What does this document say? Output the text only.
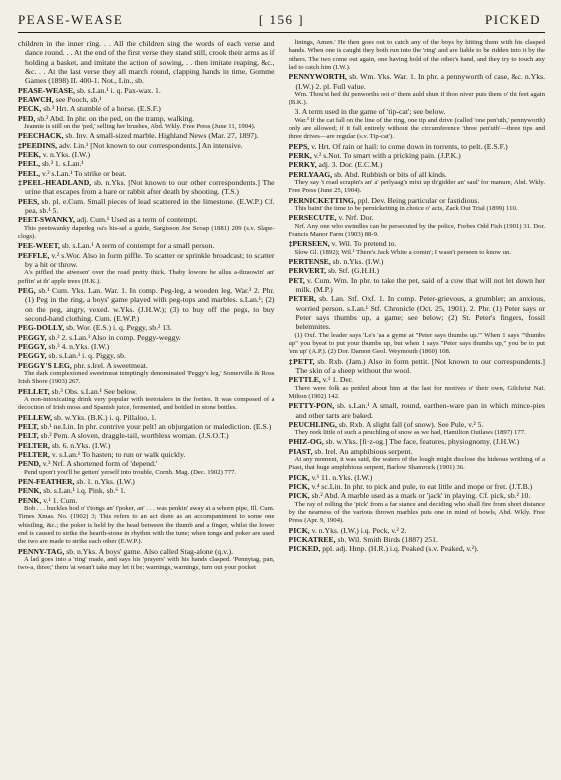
PEASE-WEASE	[ 156 ]	PICKED

children in the inner ring. . . All the children sing the words of each verse and dance round. . . At the end of the first verse they stand still, crook their arms as if holding a basket, and imitate the action of sowing, . . then imitate reaping, &c., &c. . . At the last verse they all march round, clapping hands in time, Gomme Games (1898) II. 400-1. Not., Lin., sb.

PEASE-WEASE, sb. s.Lan.¹ i. q. Pax-wax. 1.

PEAWCH, see Pooch, sb.¹

PECK, sb.³ Hrt. A stumble of a horse. (E.S.F.)

PED, sb.² Abd. In phr. on the ped, on the tramp, walking.

Jeannie is still on the 'ped,' selling her brushes, Abd. Wkly. Free Press (June 11, 1904).

PEECHACK, sb. Inv. A small-sized marble. Highland News (Mar. 27, 1897).

‡PEEDINS, adv. Lin.¹ [Not known to our correspondents.] An intensive.

PEEK, v. n.Yks. (I.W.)

PEEL, sb.³ 1. s.Lan.¹

PEEL, v.² s.Lan.¹ To strike or beat.

‡PEEL-HEADLAND, sb. n.Yks. [Not known to our other correspondents.] The urine that escapes from a hare or rabbit after death by shooting. (T.S.)

PEES, sb. pl. e.Cum. Small pieces of lead scattered in the limestone. (E.W.P.) Cf. pea, sb.¹ 5.

PEET-SWANKY, adj. Cum.¹ Used as a term of contempt.

This peetswanky dapedeg oa's his-sel a guide, Sargisson Joe Scoap (1881) 209 (s.v. Slape-clogs).

PEE-WEET, sb. s.Lan.¹ A term of contempt for a small person.

PEFFLE, v.² s.Wor. Also in form piffle. To scatter or sprinkle broadcast; to scatter by a hit or throw.

A's piffled the atwesen' over the road pretty thick. Thaby lowore be allus a-thraowin' an' peffin' at th' apple trees (H.K.).

PEG, sb.¹ Cum. Yks. Lan. War. 1. In comp. Peg-leg, a wooden leg. War.³ 2. Phr. (1) Peg in the ring, a boys' game played with peg-tops and marbles. s.Lan.¹; (2) on the peg, angry, vexed. w.Yks. (J.H.W.); (3) to buy off the pegs, to buy second-hand clothing. Cum. (E.W.P.)

PEG-DOLLY, sb. Wor. (E.S.) i. q. Peggy, sb.² 13.

PEGGY, sb.² 2. s.Lan.¹ Also in comp. Peggy-weggy.

PEGGY, sb.³ 4. n.Yks. (I.W.)

PEGGY, sb. s.Lan.¹ i. q. Piggy, sb.

PEGGY'S LEG, phr. s.Irel. A sweetmeat.

The dark complexioned sweetmeat temptingly denominated 'Peggy's leg,' Somerville & Ross Irish Shore (1903) 267.

PELLET, sb.³ Obs. s.Lan.¹ See below.

A non-intoxicating drink very popular with teetotalers in the forties. It was composed of a decoction of Irish moss and Spanish juice, fermented, and bottled in stone bottles.

PELLEW, sb. w.Yks. (B.K.) i. q. Pillaloo, 1.

PELT, sb.¹ ne.Lin. In phr. contrive your pelt! an objurgation or malediction. (E.S.)

PELT, sb.² Pem. A sloven, draggle-tail, worthless woman. (J.S.O.T.)

PELTER, sb. 6. n.Yks. (I.W.)

PELTER, v. s.Lan.¹ To hasten; to run or walk quickly.

PEND, v.³ Nrf. A shortened form of 'depend.'

Pend upon't you'll be getten' yerself into trouble, Cornh. Mag. (Dec. 1902) 777.

PEN-FEATHER, sb. 1. n.Yks. (I.W.)

PENK, sb. s.Lan.¹ i.q. Pink, sb.⁶ 1.

PENK, v.¹ 1. Cum.

Bob . . . buckles hod o' t'tongs an' t'poker, an' . . . was penkin' away at a whorn pipe, Ill. Cum. Times Xmas. No. (1902) 3; This refers to an act done as an accompaniment to some one whistling, &c.; the poker is held by the head between the thumb and a finger, whilst the lower end is caused to strike the hearth-stone in rhythm with the tune; when tongs and poker are used the two are made to strike each other (E.W.P.).

PENNY-TAG, sb. n.Yks. A boys' game. Also called Stag-alone (q.v.).

A lad goes into a 'ring' made, and says his 'prayers' with his hands clasped. 'Pennytag, pan, two-a, three;' them 'at wean't take may let it be; warnings, warnings, turn out your pocket

linings, Amen.' He then goes out to catch any of the boys by hitting them with his clasped hands. When one is caught they both run into the 'ring' and are liable to be ridden into it by the others. The two come out again, one having hold of the other's hand, and they try to touch any lad to catch him (I.W.).

PENNYWORTH, sb. Wm. Yks. War. 1. In phr. a pennyworth of case, &c. n.Yks. (I.W.) 2. pl. Full value.

Wm. Thou'st hed thi penworths oot o' them auld shun if thoo niver puts them o' thi feet again (B.K.).

3. A term used in the game of 'tip-cat'; see below.

War.³ If the cat fall on the line of the ring, one tip and drive (called 'one pen'uth,' pennyworth) only are allowed; if it fall entirely without the circumference 'three pen'uth'—three tips and three drives—are regular (s.v. Tip-cat').

PEPS, v. Hrt. Of rain or hail: to come down in torrents, to pelt. (E.S.F.)

PERK, v.² s.Not. To smart with a pricking pain. (J.P.K.)

PERKY, adj. 3. Dor. (E.C.M.)

PERLYAAG, sb. Abd. Rubbish or bits of all kinds.

They say 't road scrapin's an' a' perlyaag's mixt up th'gidder an' saul' for manure, Abd. Wkly. Free Press (June 25, 1904).

PERNICKETTING, ppl. Dev. Being particular or fastidious.

This baint' the time to be pernicketting in choice o' acts, Zack Out Trial (1899) 110.

PERSECUTE, v. Nrf. Dor.

Nrf. Any one who swindles can be persecuted by the police, Forbes Odd Fish (1901) 31. Dor. Francis Manor Farm (1903) 88-9.

‡PERSEEN, v. Wil. To pretend to.

Slow Gl. (1892); Wil.¹ There's Jack White a comin'; I wasn't perseen to know un.

PERTENSE, sb. n.Yks. (I.W.)

PERVERT, sb. Stf. (G.H.H.)

PET, v. Cum. Wm. In phr. to take the pet, said of a cow that will not let down her milk. (M.P.)

PETER, sb. Lan. Stf. Oxf. 1. In comp. Peter-grievous, a grumbler; an anxious, worried person. s.Lan.¹ Stf. Chronicle (Oct. 25, 1901). 2. Phr. (1) Peter says or Peter says thumbs up, a game; see below; (2) St. Peter's fingers, fossil belemnites.

(1) Oxf. The leader says 'Le's 'aa a gyme at "Peter says thumbs up."' When 1 says '"thumbs up" you byeat to put your thumbs up, but when 1 says "Peter says thumbs up," you be to put 'em up' (A.P.). (2) Dor. Damon Geol. Weymouth (1860) 108.

‡PETT, sb. Rxb. (Jam.) Also in form pettit. [Not known to our correspondents.] The skin of a sheep without the wool.

PETTLE, v.¹ 1. Der.

There were folk as pettled about him at the last for motives o' their own, Gilchrist Nat. Milton (1902) 142.

PETTY-PON, sb. s.Lan.¹ A small, round, earthen-ware pan in which mince-pies and other tarts are baked.

PEUCHLING, sb. Rxb. A slight fall (of snow). See Pule, v.² 5.

They reek little of such a peuchling of snow as we had, Hamilton Outlaws (1897) 177.

PHIZ-OG, sb. w.Yks. [fi·z-og.] The face, features, physiognomy. (J.H.W.)

PIAST, sb. Irel. An amphibious serpent.

At any moment, it was said, the waters of the lough might disclose the hideous writhing of a Piast, that huge amphibious serpent, Barlow Shamrock (1901) 36.

PICK, v.¹ 11. n.Yks. (I.W.)

PICK, v.⁴ sc.Lin. In phr. to pick and pule, to eat little and mope or fret. (J.T.B.)

PICK, sb.² Abd. A marble used as a mark or 'jack' in playing. Cf. pick, sb.² 10.

The ray of rolling the 'pick' from a far stance and deciding who shall fire from short distance by the nearness of the various thrown marbles puts one in mind of bowls, Abd. Wkly. Free Press (Apr. 9, 1904).

PICK, v. n.Yks. (I.W.) i.q. Peck, v.² 2.

PICKATREE, sb. Wil. Smith Birds (1887) 251.

PICKED, ppl. adj. Hmp. (H.R.) i.q. Peaked (s.v. Peaked, v.²).
